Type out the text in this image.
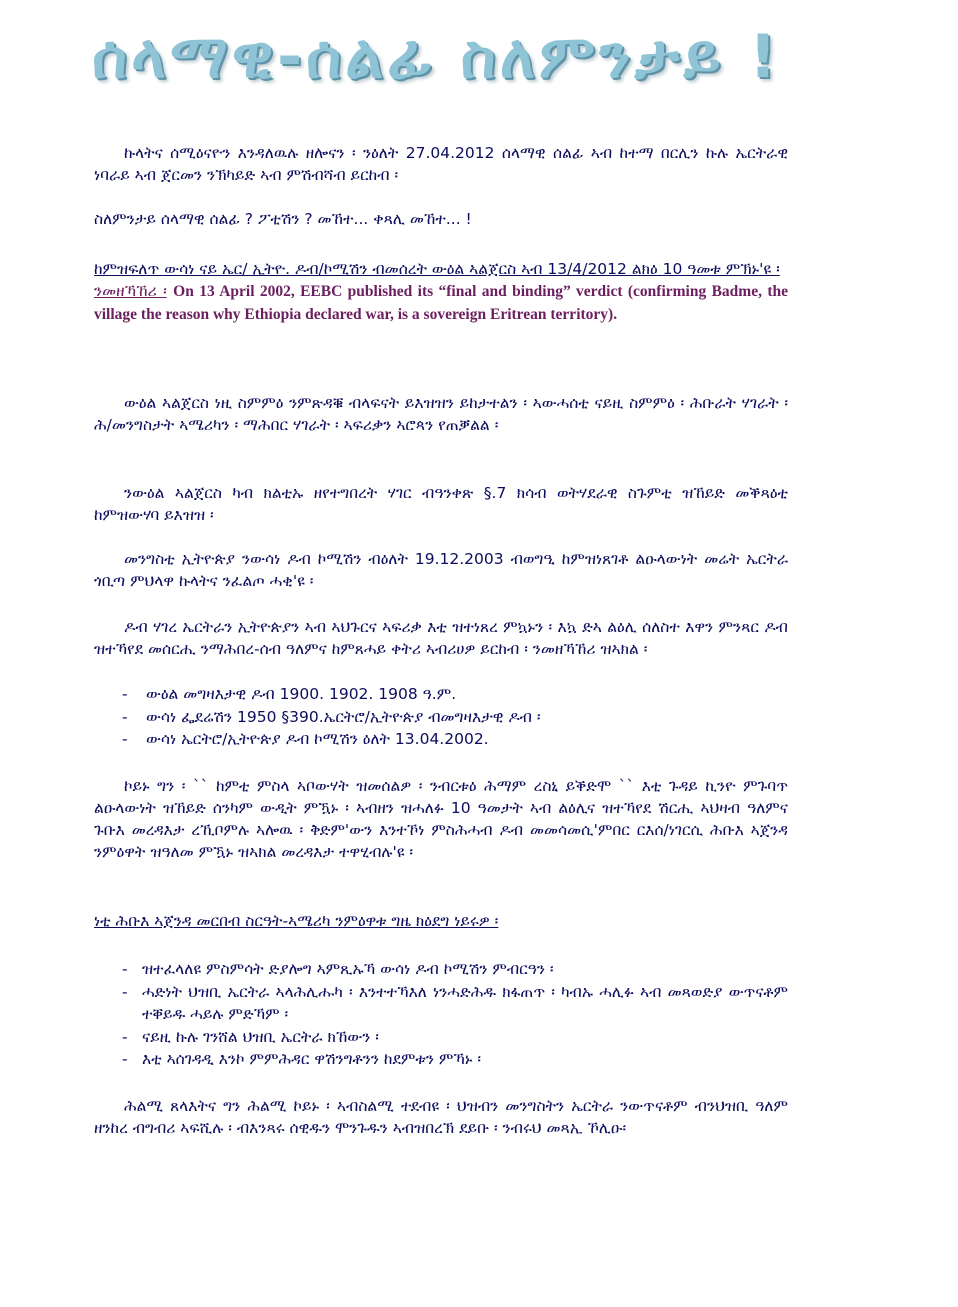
ሰላማዊ-ሰልፊ ስለምንታይ !

ኩላትና ሰሚዕናዮን እንዳለዉሉ ዘሎናን ፡ ንዕለት 27.04.2012 ሰላማዊ ሰልፊ ኣብ ከተማ በርሊን ኩሉ ኤርትራዊ ነባራይ ኣብ ጀርመን ንኽካይድ ኣብ ምሽብሻብ ይርከብ ፡

ስለምንታይ ሰላማዊ ሰልፊ ? ፖቲሽን ? መኸተ... ቀጻሊ መኸተ... !

ከምዝፍለጥ ውሳነ ናይ ኤር/ ኢትዮ. ዶብ/ኮሚሽን ብመሰረት ውዕል ኣልጀርስ ኣብ 13/4/2012 ልክዕ 10 ዓመቱ ምኽኑ'ዩ ፡
ንመዘኻኸሪ ፡ On 13 April 2002, EEBC published its “final and binding” verdict (confirming Badme, the village the reason why Ethiopia declared war, is a sovereign Eritrean territory).

ውዕል ኣልጀርስ ነዚ ስምምዕ ንምጽዳቑ ብላፍናት ይእዝዝን ይከታተልን ፡ ኣውሓሰቲ ናይዚ ስምምዕ ፡ ሕቡራት ሃገራት ፡ ሕ/መንግስታት ኣሜሪካን ፡ ማሕበር ሃገራት ፡ ኣፍሪቃን ኣሮጳን የጠቓልል ፡

ንውዕል ኣልጀርስ ካብ ክልቲኡ ዘየተግበረት ሃገር ብዓንቀጽ §.7 ክሳብ ወትሃደራዊ ስጉምቲ ዝኸይድ መቕጻዕቲ ከምዝውሃባ ይእዝዝ ፡

መንግስቲ ኢትዮጵያ ንውሳነ ዶብ ኮሚሽን ብዕለት 19.12.2003 ብወግዒ ከምዝነጸገቶ ልዑላውነት መሬት ኤርትራ ጎቢጣ ምህላዋ ኩላትና ንፈልጦ ሓቂ'ዩ ፡

ዶብ ሃገረ ኤርትራን ኢትዮጵያን ኣብ ኣህጉርና ኣፍሪቃ እቲ ዝተነጸረ ምኳኑን ፡ እኳ ድኣ ልዕሊ ሰለስተ እዋን ምንጻር ዶብ ዝተኻየደ መሰርሒ ንማሕበረ-ሰብ ዓለምና ከምጸሓይ ቀትሪ ኣብሪሀዎ ይርከብ ፡ ንመዘኻኸሪ ዝኣክል ፡

- ውዕል መግዛእታዊ ዶብ 1900. 1902. 1908 ዓ.ም.
- ውሳነ ፌደሬሽን 1950 §390.ኤርትሮ/ኢትዮጵያ ብመግዛእታዊ ዶብ ፡
- ውሳነ ኤርትሮ/ኢትዮጵያ ዶብ ኮሚሽን ዕለት 13.04.2002.

ኮይኑ ግን ፡ `` ከምቲ ምስላ ኣቦውሃት ዝመሰልዎ ፡ ንብርቱዕ ሕማም ረስኒ ይቕድሞ `` እቲ ጉዳይ ኪንዮ ምጉባጥ ልዑላውነት ዝኸይድ ሰንካም ውዲት ምዃኑ ፡ ኣብዘን ዝሓለፉ 10 ዓመታት ኣብ ልዕሊና ዝተኻየደ ሽርሒ ኣህዛብ ዓለምና ጉቡእ መረዳእታ ረኺቦምሉ ኣሎዉ ፡ ቅድም'ውን እንተኾነ ምስሕሓብ ዶብ መመሳመሲ'ምበር ርእሰ/ነገርሲ ሕቡእ ኣጀንዳ ንምዕዋት ዝዓለመ ምዃኑ ዝኣክል መረዳእታ ተዋሂብሉ'ዩ ፡

ነቲ ሕቡእ ኣጀንዳ መርበብ ስርዓት-ኣሜሪካ ንምዕዋቱ ግዜ ክዕደግ ነይሩዎ ፡

- ዝተፈላለዩ ምስምሳት ድያሎግ ኣምጺኡኻ ውሳነ ዶብ ኮሚሽን ምብርዓን ፡
- ሓድነት ህዝቢ ኤርትራ ኣላሕሊሑካ ፡ እንተተኻእለ ነንሓድሕዱ ክፋጠጥ ፡ ካብኡ ሓሊፉ ኣብ መጻወድያ ውጥናቶም ተቐይዱ ሓይሉ ምድኻም ፡
- ናይዚ ኩሉ ገንሸል ህዝቢ ኤርትራ ክኸውን ፡
- እቲ ኣሰገዳዲ እንኮ ምምሕዳር ዋሽንግቶንን ከደምቱን ምኻኑ ፡

ሕልሚ ጸላእትና ግን ሕልሚ ኮይኑ ፡ ኣብስልሚ ተደብዩ ፡ ህዝብን መንግስትን ኤርትራ ንውጥናቶም ብንህዝቢ ዓለም ዘንከረ ብግብሪ ኣፍሺሉ ፡ ብእንጻሩ ሰዊዱን ሞንጉዱን ኣብዝበረኽ ደይቡ ፡ ንብሩህ መጻኢ ኾሊዑ፡
